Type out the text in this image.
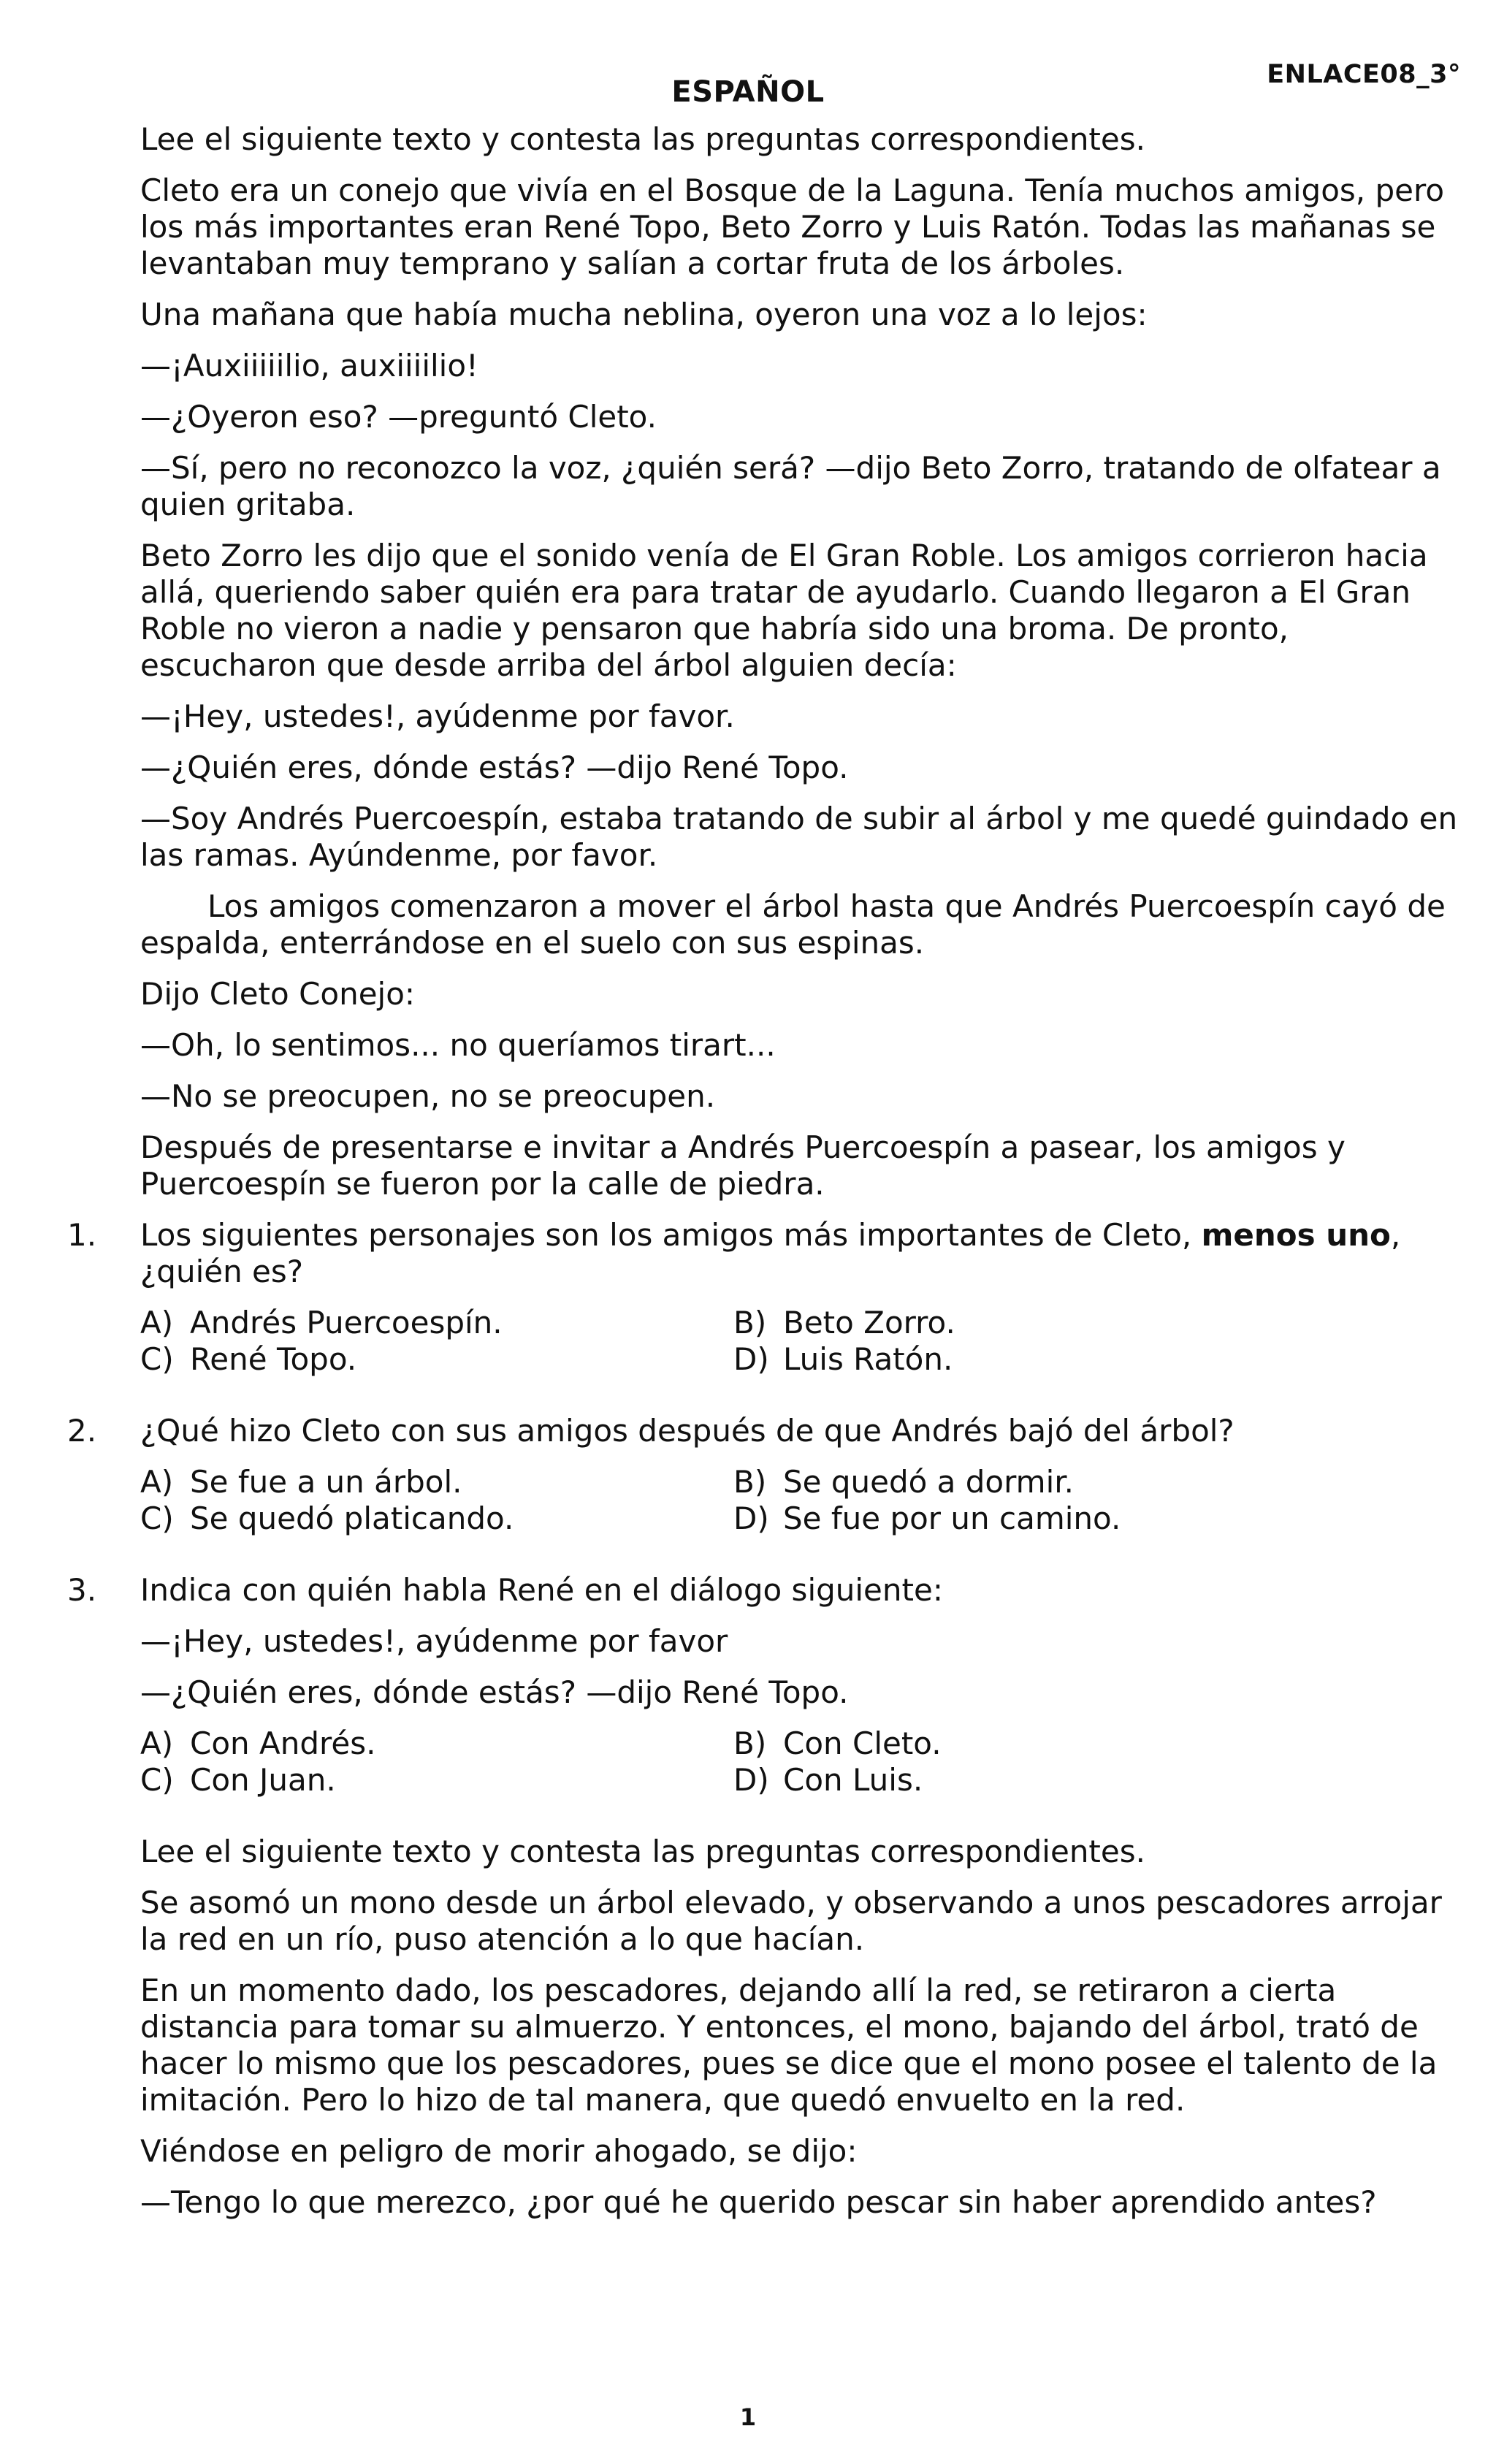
ENLACE08_3°
ESPAÑOL

Lee el siguiente texto y contesta las preguntas correspondientes.

Cleto era un conejo que vivía en el Bosque de la Laguna. Tenía muchos amigos, pero los más importantes eran René Topo, Beto Zorro y Luis Ratón. Todas las mañanas se levantaban muy temprano y salían a cortar fruta de los árboles.

Una mañana que había mucha neblina, oyeron una voz a lo lejos:

—¡Auxiiiiilio, auxiiiilio!

—¿Oyeron eso? —preguntó Cleto.

—Sí, pero no reconozco la voz, ¿quién será? —dijo Beto Zorro, tratando de olfatear a quien gritaba.

Beto Zorro les dijo que el sonido venía de El Gran Roble. Los amigos corrieron hacia allá, queriendo saber quién era para tratar de ayudarlo. Cuando llegaron a El Gran Roble no vieron a nadie y pensaron que habría sido una broma. De pronto, escucharon que desde arriba del árbol alguien decía:

—¡Hey, ustedes!, ayúdenme por favor.

—¿Quién eres, dónde estás? —dijo René Topo.

—Soy Andrés Puercoespín, estaba tratando de subir al árbol y me quedé guindado en las ramas. Ayúndenme, por favor.

Los amigos comenzaron a mover el árbol hasta que Andrés Puercoespín cayó de espalda, enterrándose en el suelo con sus espinas.

Dijo Cleto Conejo:

—Oh, lo sentimos... no queríamos tirart...

—No se preocupen, no se preocupen.

Después de presentarse e invitar a Andrés Puercoespín a pasear, los amigos y Puercoespín se fueron por la calle de piedra.

1. Los siguientes personajes son los amigos más importantes de Cleto, menos uno, ¿quién es?

A) Andrés Puercoespín.	B) Beto Zorro.
C) René Topo.	D) Luis Ratón.
2. ¿Qué hizo Cleto con sus amigos después de que Andrés bajó del árbol?

A) Se fue a un árbol.	B) Se quedó a dormir.
C) Se quedó platicando.	D) Se fue por un camino.
3. Indica con quién habla René en el diálogo siguiente:

—¡Hey, ustedes!, ayúdenme por favor

—¿Quién eres, dónde estás? —dijo René Topo.

A) Con Andrés.	B) Con Cleto.
C) Con Juan.	D) Con Luis.

Lee el siguiente texto y contesta las preguntas correspondientes.

Se asomó un mono desde un árbol elevado, y observando a unos pescadores arrojar la red en un río, puso atención a lo que hacían.

En un momento dado, los pescadores, dejando allí la red, se retiraron a cierta distancia para tomar su almuerzo. Y entonces, el mono, bajando del árbol, trató de hacer lo mismo que los pescadores, pues se dice que el mono posee el talento de la imitación. Pero lo hizo de tal manera, que quedó envuelto en la red.

Viéndose en peligro de morir ahogado, se dijo:

—Tengo lo que merezco, ¿por qué he querido pescar sin haber aprendido antes?

1
